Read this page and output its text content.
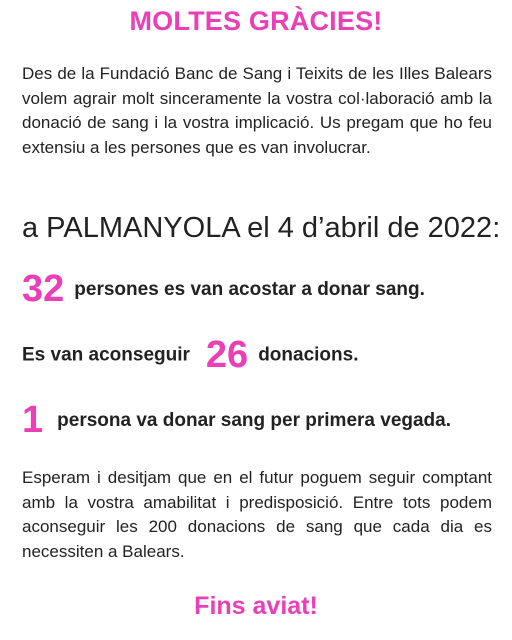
MOLTES GRÀCIES!
Des de la Fundació Banc de Sang i Teixits de les Illes Balears volem agrair molt sinceramente la vostra col·laboració amb la donació de sang i la vostra implicació. Us pregam que ho feu extensiu a les persones que es van involucrar.
a PALMANYOLA el 4 d’abril de 2022:
32 persones es van acostar a donar sang.
Es van aconseguir 26 donacions.
1 persona va donar sang per primera vegada.
Esperam i desitjam que en el futur poguem seguir comptant amb la vostra amabilitat i predisposició. Entre tots podem aconseguir les 200 donacions de sang que cada dia es necessiten a Balears.
Fins aviat!
